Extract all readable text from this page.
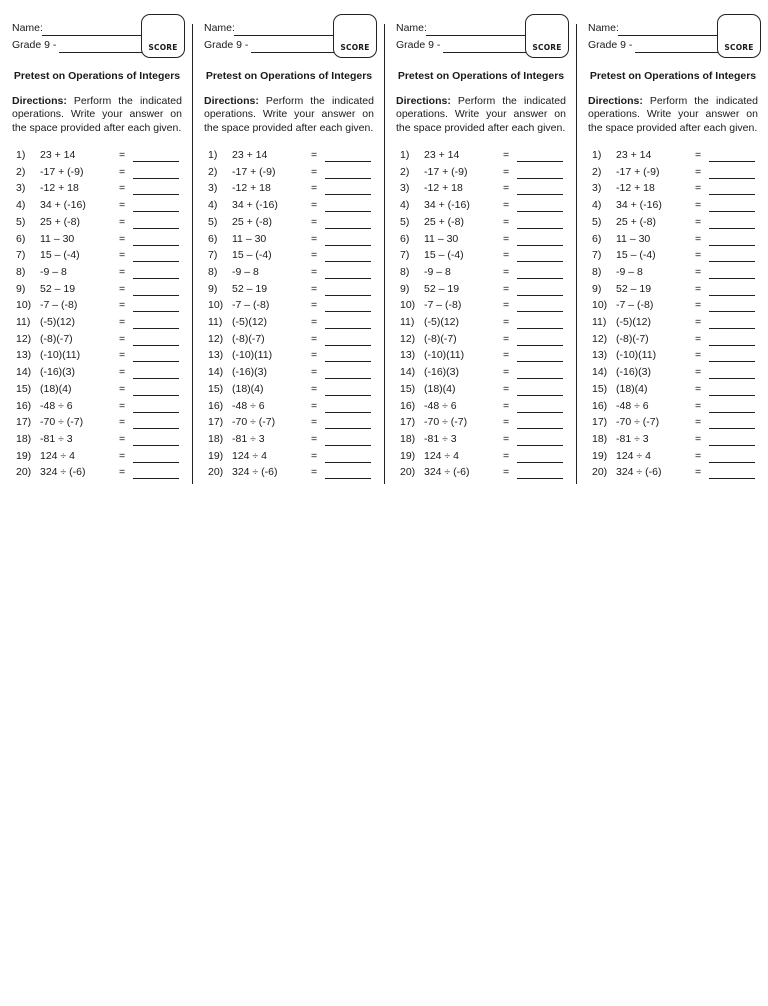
Name:
Grade 9 -	SCORE
Pretest on Operations of Integers
Directions: Perform the indicated operations. Write your answer on the space provided after each given.
1) 23 + 14	=
2) -17 + (-9)	=
3) -12 + 18	=
4) 34 + (-16)	=
5) 25 + (-8)	=
6) 11 – 30	=
7) 15 – (-4)	=
8) -9 – 8	=
9) 52 – 19	=
10) -7 – (-8)	=
11) (-5)(12)	=
12) (-8)(-7)	=
13) (-10)(11)	=
14) (-16)(3)	=
15) (18)(4)	=
16) -48 ÷ 6	=
17) -70 ÷ (-7)	=
18) -81 ÷ 3	=
19) 124 ÷ 4	=
20) 324 ÷ (-6)	=
Name:
Grade 9 -	SCORE
Pretest on Operations of Integers
Directions: Perform the indicated operations. Write your answer on the space provided after each given.
1) 23 + 14	=
2) -17 + (-9)	=
3) -12 + 18	=
4) 34 + (-16)	=
5) 25 + (-8)	=
6) 11 – 30	=
7) 15 – (-4)	=
8) -9 – 8	=
9) 52 – 19	=
10) -7 – (-8)	=
11) (-5)(12)	=
12) (-8)(-7)	=
13) (-10)(11)	=
14) (-16)(3)	=
15) (18)(4)	=
16) -48 ÷ 6	=
17) -70 ÷ (-7)	=
18) -81 ÷ 3	=
19) 124 ÷ 4	=
20) 324 ÷ (-6)	=
Name:
Grade 9 -	SCORE
Pretest on Operations of Integers
Directions: Perform the indicated operations. Write your answer on the space provided after each given.
1) 23 + 14	=
2) -17 + (-9)	=
3) -12 + 18	=
4) 34 + (-16)	=
5) 25 + (-8)	=
6) 11 – 30	=
7) 15 – (-4)	=
8) -9 – 8	=
9) 52 – 19	=
10) -7 – (-8)	=
11) (-5)(12)	=
12) (-8)(-7)	=
13) (-10)(11)	=
14) (-16)(3)	=
15) (18)(4)	=
16) -48 ÷ 6	=
17) -70 ÷ (-7)	=
18) -81 ÷ 3	=
19) 124 ÷ 4	=
20) 324 ÷ (-6)	=
Name:
Grade 9 -	SCORE
Pretest on Operations of Integers
Directions: Perform the indicated operations. Write your answer on the space provided after each given.
1) 23 + 14	=
2) -17 + (-9)	=
3) -12 + 18	=
4) 34 + (-16)	=
5) 25 + (-8)	=
6) 11 – 30	=
7) 15 – (-4)	=
8) -9 – 8	=
9) 52 – 19	=
10) -7 – (-8)	=
11) (-5)(12)	=
12) (-8)(-7)	=
13) (-10)(11)	=
14) (-16)(3)	=
15) (18)(4)	=
16) -48 ÷ 6	=
17) -70 ÷ (-7)	=
18) -81 ÷ 3	=
19) 124 ÷ 4	=
20) 324 ÷ (-6)	=
